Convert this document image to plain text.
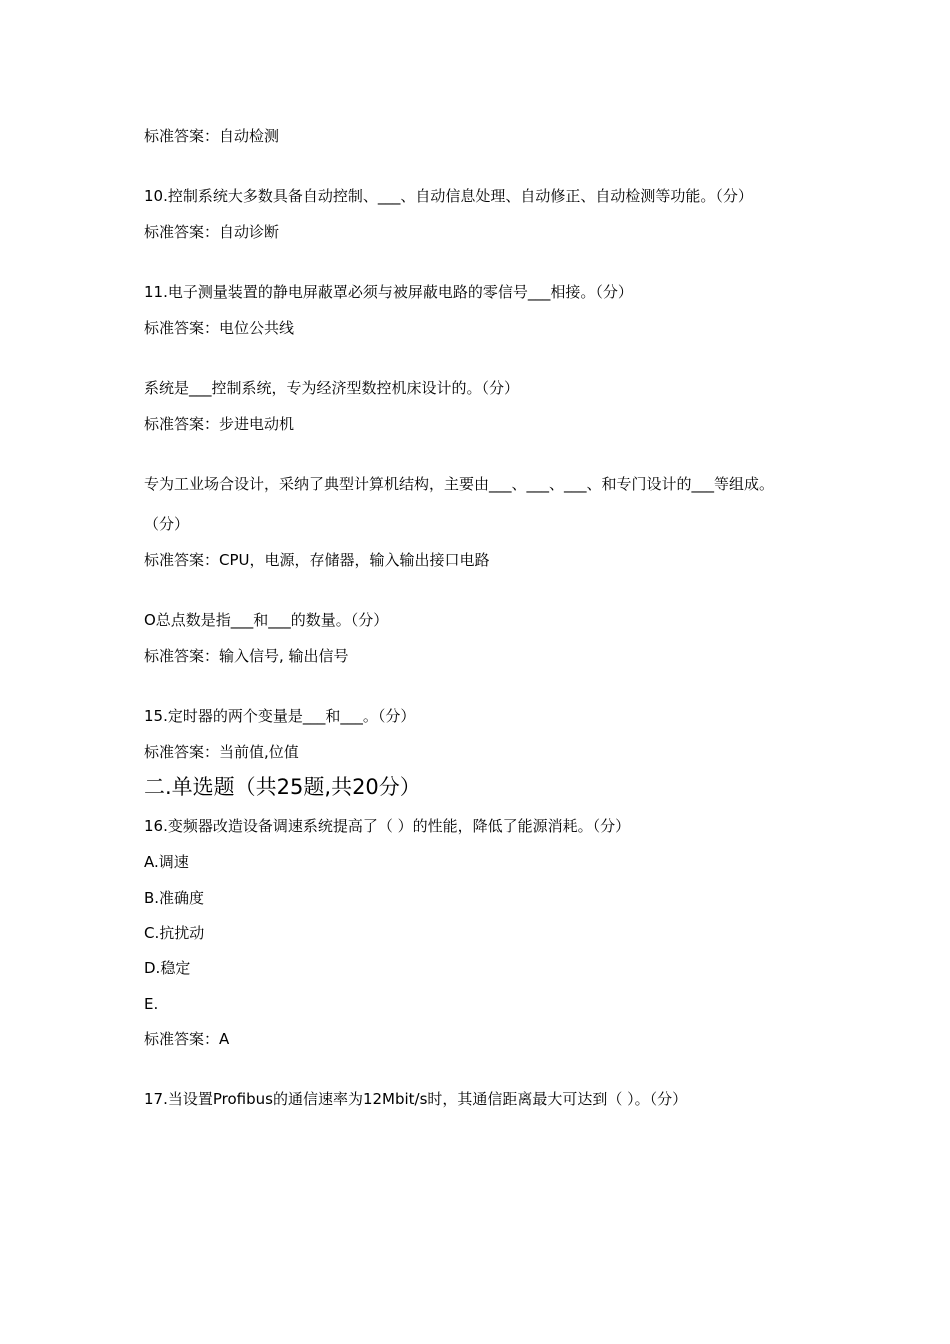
标准答案：自动检测
10.控制系统大多数具备自动控制、___、自动信息处理、自动修正、自动检测等功能。（分）
标准答案：自动诊断
11.电子测量装置的静电屏蔽罩必须与被屏蔽电路的零信号___相接。（分）
标准答案：电位公共线
系统是___控制系统，专为经济型数控机床设计的。（分）
标准答案：步进电动机
专为工业场合设计，采纳了典型计算机结构，主要由___、___、___、和专门设计的___等组成。
（分）
标准答案：CPU，电源，存储器，输入输出接口电路
O总点数是指___和___的数量。（分）
标准答案：输入信号, 输出信号
15.定时器的两个变量是___和___。（分）
标准答案：当前值,位值
二.单选题（共25题,共20分）
16.变频器改造设备调速系统提高了（ ）的性能，降低了能源消耗。（分）
A.调速
B.准确度
C.抗扰动
D.稳定
E.
标准答案：A
17.当设置Profibus的通信速率为12Mbit/s时，其通信距离最大可达到（ ）。（分）
